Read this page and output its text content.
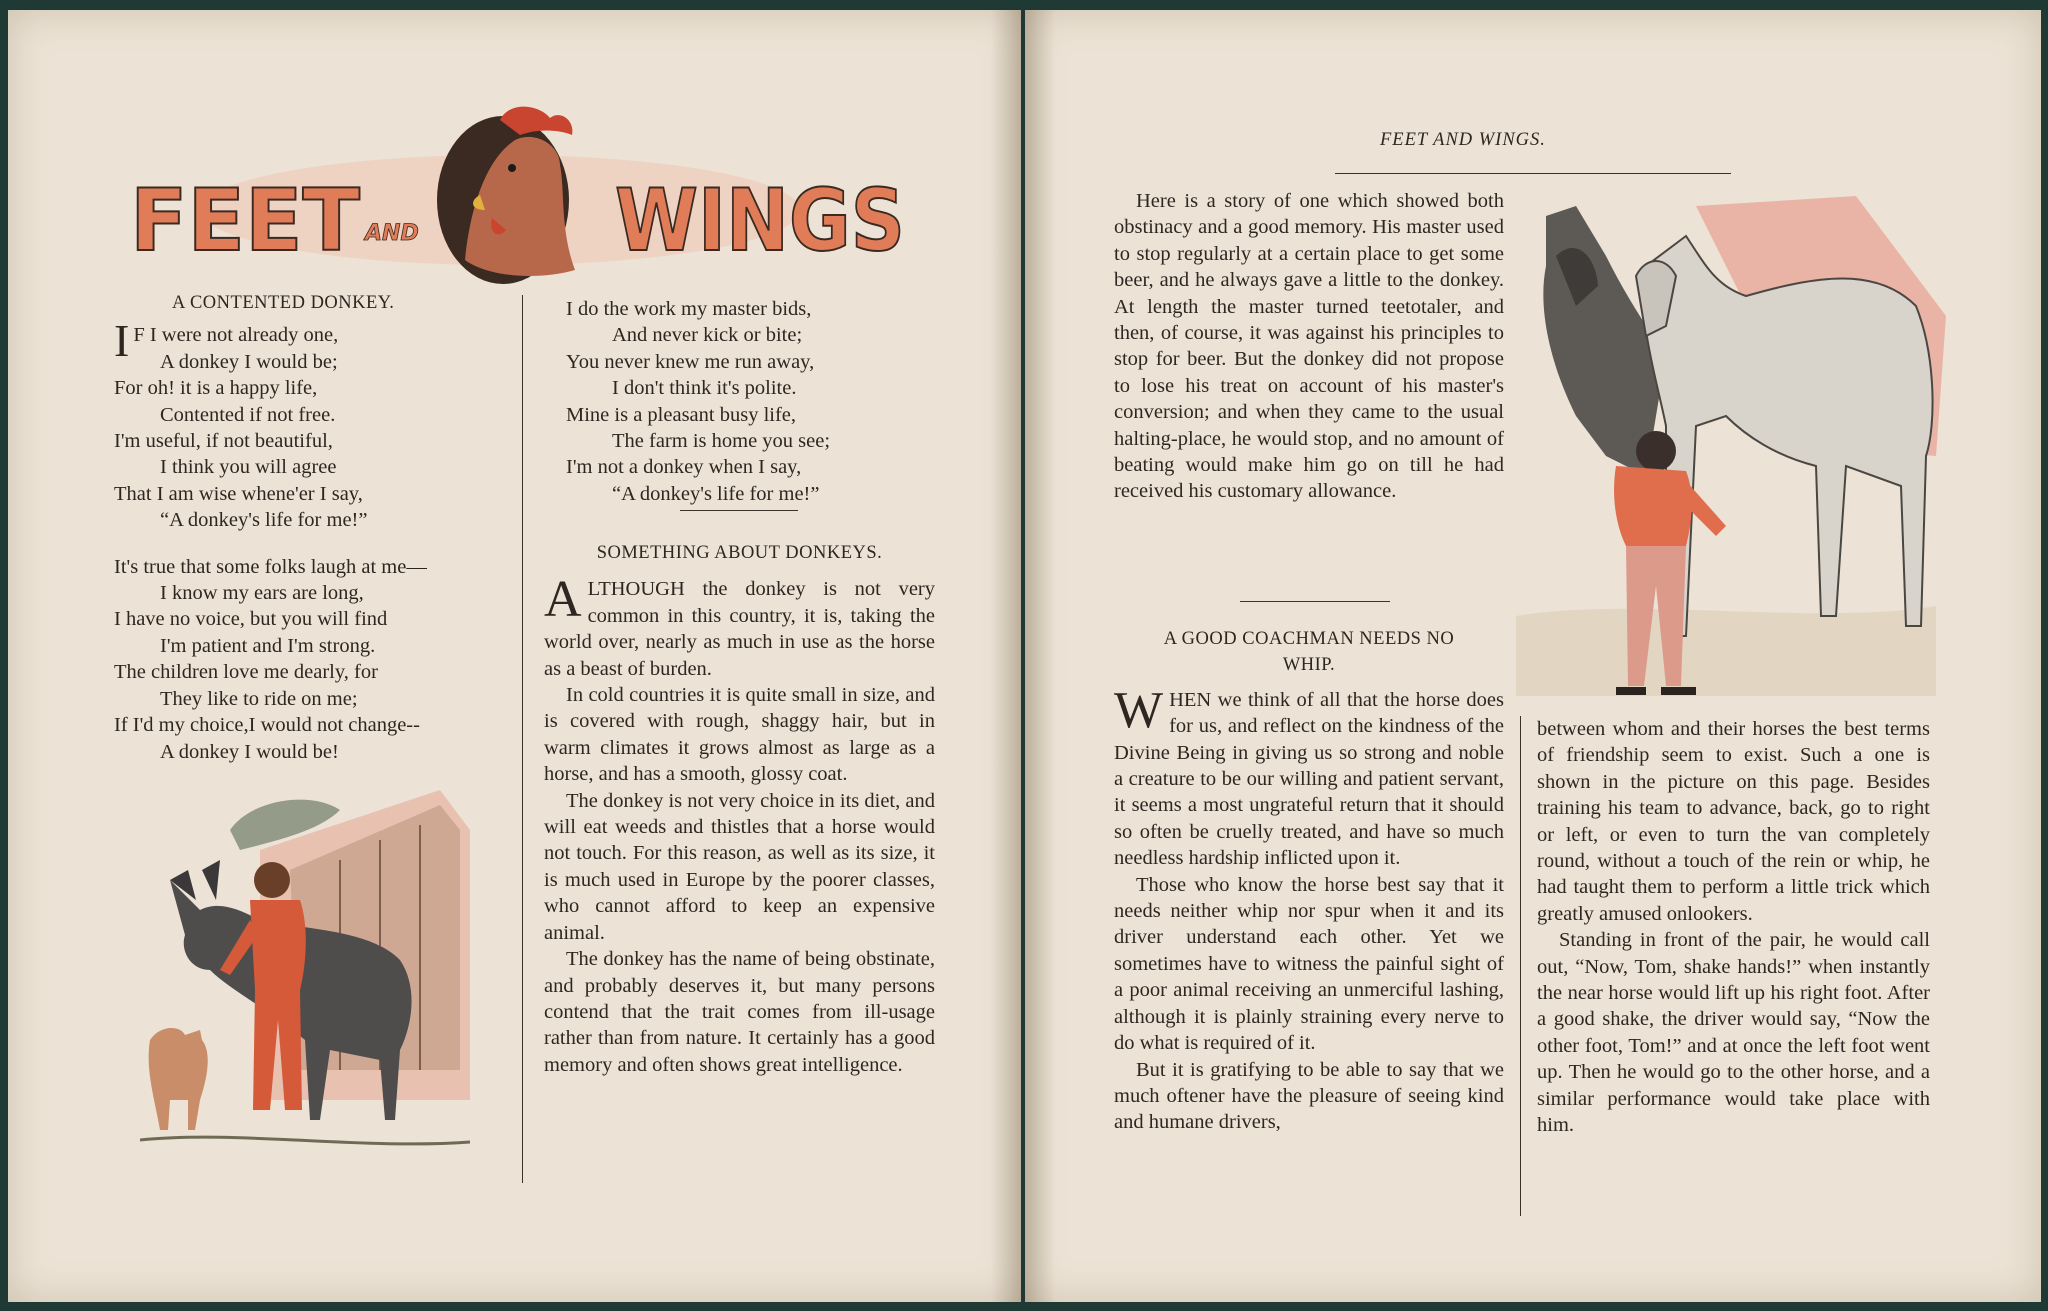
FEET AND WINGS
A CONTENTED DONKEY.
I F I were not already one,
A donkey I would be;
For oh! it is a happy life,
Contented if not free.
I'm useful, if not beautiful,
I think you will agree
That I am wise whene'er I say,
“A donkey's life for me!”
It's true that some folks laugh at me—
I know my ears are long,
I have no voice, but you will find
I'm patient and I'm strong.
The children love me dearly, for
They like to ride on me;
If I'd my choice,I would not change--
A donkey I would be!
I do the work my master bids,
And never kick or bite;
You never knew me run away,
I don't think it's polite.
Mine is a pleasant busy life,
The farm is home you see;
I'm not a donkey when I say,
“A donkey's life for me!”
SOMETHING ABOUT DONKEYS.

ALTHOUGH the donkey is not very common in this country, it is, taking the world over, nearly as much in use as the horse as a beast of burden.

In cold countries it is quite small in size, and is covered with rough, shaggy hair, but in warm climates it grows almost as large as a horse, and has a smooth, glossy coat.

The donkey is not very choice in its diet, and will eat weeds and thistles that a horse would not touch. For this reason, as well as its size, it is much used in Europe by the poorer classes, who cannot afford to keep an expensive animal.

The donkey has the name of being obstinate, and probably deserves it, but many persons contend that the trait comes from ill-usage rather than from nature. It certainly has a good memory and often shows great intelligence.

FEET AND WINGS.

Here is a story of one which showed both obstinacy and a good memory. His master used to stop regularly at a certain place to get some beer, and he always gave a little to the donkey. At length the master turned teetotaler, and then, of course, it was against his principles to stop for beer. But the donkey did not propose to lose his treat on account of his master's conversion; and when they came to the usual halting-place, he would stop, and no amount of beating would make him go on till he had received his customary allowance.

A GOOD COACHMAN NEEDS NO
WHIP.

WHEN we think of all that the horse does for us, and reflect on the kindness of the Divine Being in giving us so strong and noble a creature to be our willing and patient servant, it seems a most ungrateful return that it should so often be cruelly treated, and have so much needless hardship inflicted upon it.

Those who know the horse best say that it needs neither whip nor spur when it and its driver understand each other. Yet we sometimes have to witness the painful sight of a poor animal receiving an unmerciful lashing, although it is plainly straining every nerve to do what is required of it.

But it is gratifying to be able to say that we much oftener have the pleasure of seeing kind and humane drivers,

between whom and their horses the best terms of friendship seem to exist. Such a one is shown in the picture on this page. Besides training his team to advance, back, go to right or left, or even to turn the van completely round, without a touch of the rein or whip, he had taught them to perform a little trick which greatly amused onlookers.

Standing in front of the pair, he would call out, “Now, Tom, shake hands!” when instantly the near horse would lift up his right foot. After a good shake, the driver would say, “Now the other foot, Tom!” and at once the left foot went up. Then he would go to the other horse, and a similar performance would take place with him.
